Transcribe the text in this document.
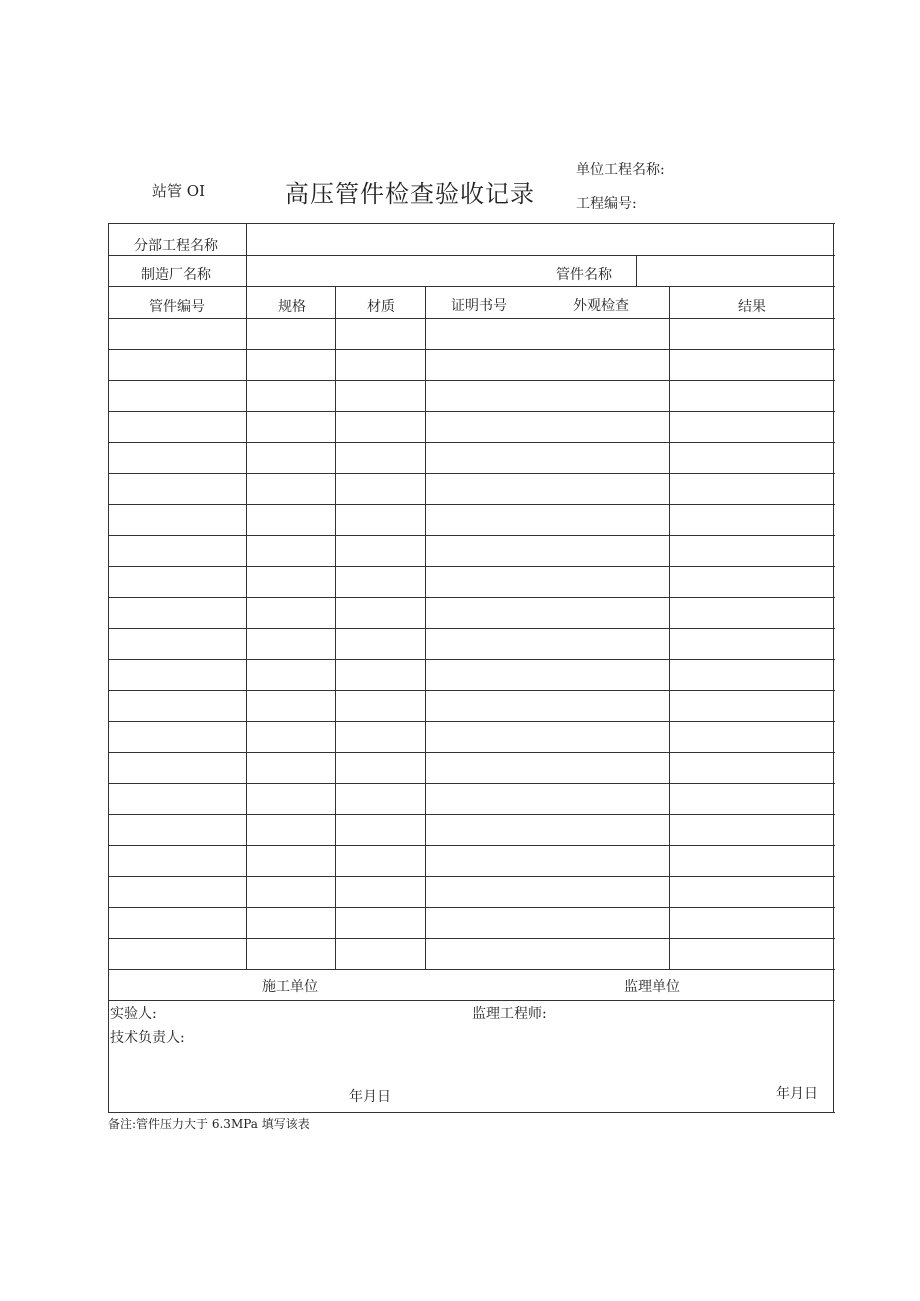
站管 OI	高压管件检查验收记录
单位工程名称:
工程编号:
分部工程名称
制造厂名称	管件名称
管件编号	规格	材质	证明书号	外观检查	结果
施工单位	监理单位
实验人:
技术负责人:
监理工程师:
年月日	年月日
备注:管件压力大于 6.3MPa 填写该表
